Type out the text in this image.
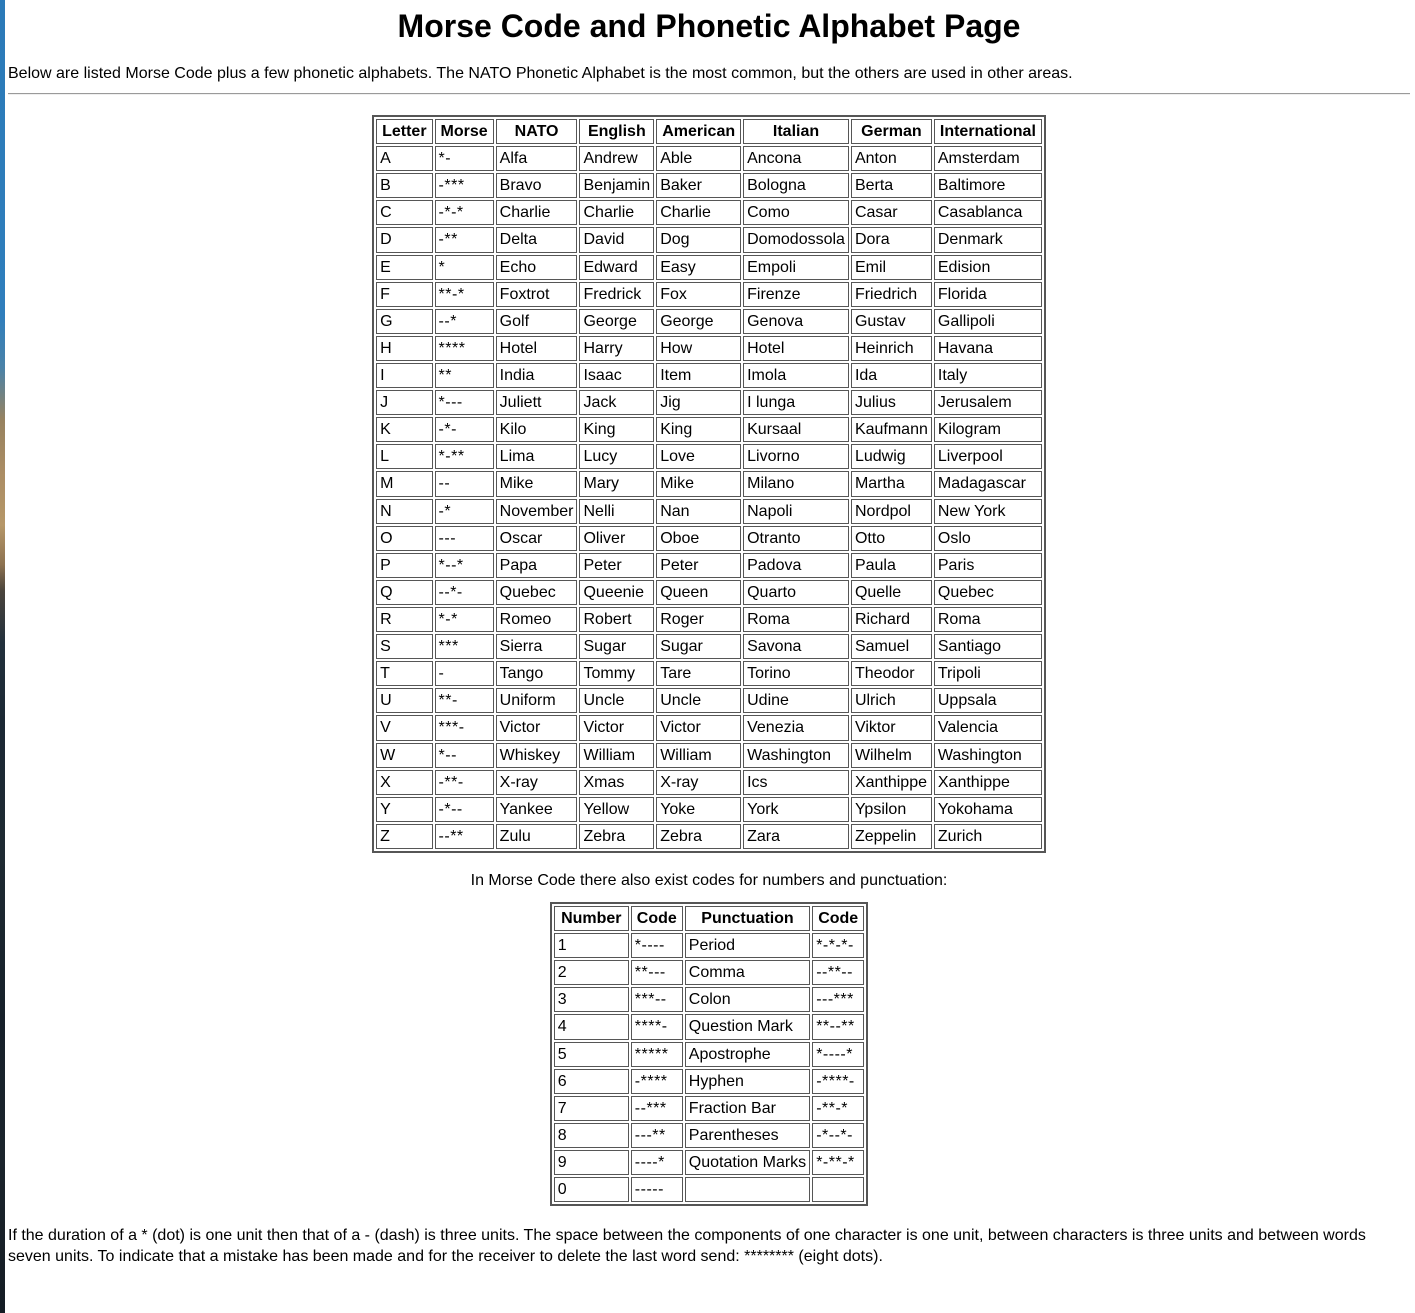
Morse Code and Phonetic Alphabet Page

Below are listed Morse Code plus a few phonetic alphabets. The NATO Phonetic Alphabet is the most common, but the others are used in other areas.

Letter	Morse	NATO	English	American	Italian	German	International
A	*-	Alfa	Andrew	Able	Ancona	Anton	Amsterdam
B	-***	Bravo	Benjamin	Baker	Bologna	Berta	Baltimore
C	-*-*	Charlie	Charlie	Charlie	Como	Casar	Casablanca
D	-**	Delta	David	Dog	Domodossola	Dora	Denmark
E	*	Echo	Edward	Easy	Empoli	Emil	Edision
F	**-*	Foxtrot	Fredrick	Fox	Firenze	Friedrich	Florida
G	--*	Golf	George	George	Genova	Gustav	Gallipoli
H	****	Hotel	Harry	How	Hotel	Heinrich	Havana
I	**	India	Isaac	Item	Imola	Ida	Italy
J	*---	Juliett	Jack	Jig	I lunga	Julius	Jerusalem
K	-*-	Kilo	King	King	Kursaal	Kaufmann	Kilogram
L	*-**	Lima	Lucy	Love	Livorno	Ludwig	Liverpool
M	--	Mike	Mary	Mike	Milano	Martha	Madagascar
N	-*	November	Nelli	Nan	Napoli	Nordpol	New York
O	---	Oscar	Oliver	Oboe	Otranto	Otto	Oslo
P	*--*	Papa	Peter	Peter	Padova	Paula	Paris
Q	--*-	Quebec	Queenie	Queen	Quarto	Quelle	Quebec
R	*-*	Romeo	Robert	Roger	Roma	Richard	Roma
S	***	Sierra	Sugar	Sugar	Savona	Samuel	Santiago
T	-	Tango	Tommy	Tare	Torino	Theodor	Tripoli
U	**-	Uniform	Uncle	Uncle	Udine	Ulrich	Uppsala
V	***-	Victor	Victor	Victor	Venezia	Viktor	Valencia
W	*--	Whiskey	William	William	Washington	Wilhelm	Washington
X	-**-	X-ray	Xmas	X-ray	Ics	Xanthippe	Xanthippe
Y	-*--	Yankee	Yellow	Yoke	York	Ypsilon	Yokohama
Z	--**	Zulu	Zebra	Zebra	Zara	Zeppelin	Zurich

In Morse Code there also exist codes for numbers and punctuation:

Number	Code	Punctuation	Code
1	*----	Period	*-*-*-
2	**---	Comma	--**--
3	***--	Colon	---***
4	****-	Question Mark	**--**
5	*****	Apostrophe	*----*
6	-****	Hyphen	-****-
7	--***	Fraction Bar	-**-*
8	---**	Parentheses	-*--*-
9	----*	Quotation Marks	*-**-*
0	-----		

If the duration of a * (dot) is one unit then that of a - (dash) is three units. The space between the components of one character is one unit, between characters is three units and between words seven units. To indicate that a mistake has been made and for the receiver to delete the last word send: ******** (eight dots).
